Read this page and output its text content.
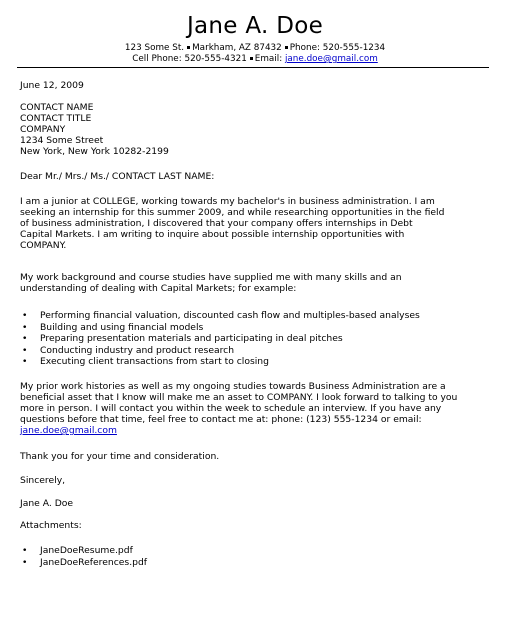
Jane A. Doe
123 Some St. Markham, AZ 87432 Phone: 520-555-1234
Cell Phone: 520-555-4321 Email: jane.doe@gmail.com
June 12, 2009

CONTACT NAME

CONTACT TITLE

COMPANY

1234 Some Street

New York, New York 10282-2199

Dear Mr./ Mrs./ Ms./ CONTACT LAST NAME:

I am a junior at COLLEGE, working towards my bachelor's in business administration. I am

seeking an internship for this summer 2009, and while researching opportunities in the field

of business administration, I discovered that your company offers internships in Debt

Capital Markets. I am writing to inquire about possible internship opportunities with

COMPANY.

My work background and course studies have supplied me with many skills and an

understanding of dealing with Capital Markets; for example:

• Performing financial valuation, discounted cash flow and multiples-based analyses
• Building and using financial models
• Preparing presentation materials and participating in deal pitches
• Conducting industry and product research
• Executing client transactions from start to closing

My prior work histories as well as my ongoing studies towards Business Administration are a

beneficial asset that I know will make me an asset to COMPANY. I look forward to talking to you

more in person. I will contact you within the week to schedule an interview. If you have any

questions before that time, feel free to contact me at: phone: (123) 555-1234 or email:

jane.doe@gmail.com

Thank you for your time and consideration.
Sincerely,
Jane A. Doe
Attachments:
• JaneDoeResume.pdf
• JaneDoeReferences.pdf
